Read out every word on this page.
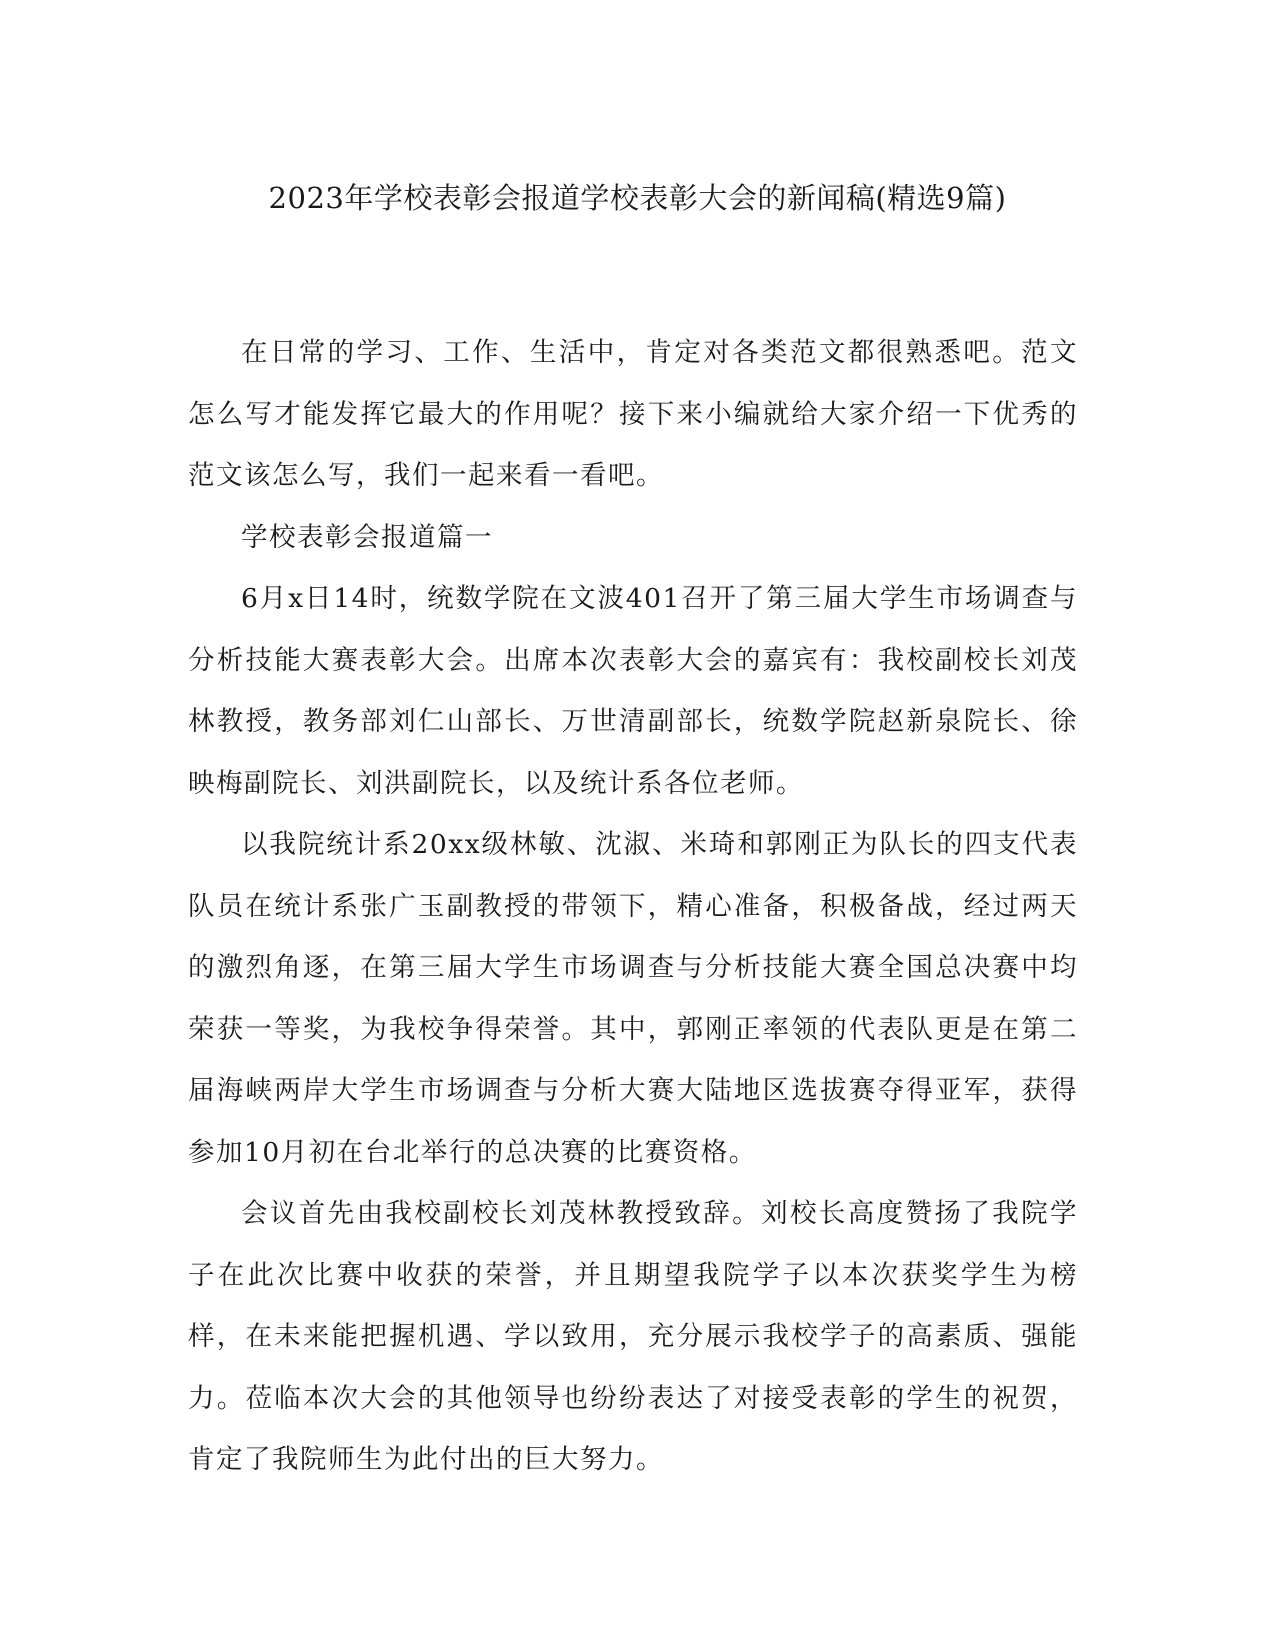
2023年学校表彰会报道学校表彰大会的新闻稿(精选9篇)

在日常的学习、工作、生活中，肯定对各类范文都很熟悉吧。范文怎么写才能发挥它最大的作用呢？接下来小编就给大家介绍一下优秀的范文该怎么写，我们一起来看一看吧。

学校表彰会报道篇一

6月x日14时，统数学院在文波401召开了第三届大学生市场调查与分析技能大赛表彰大会。出席本次表彰大会的嘉宾有：我校副校长刘茂林教授，教务部刘仁山部长、万世清副部长，统数学院赵新泉院长、徐映梅副院长、刘洪副院长，以及统计系各位老师。

以我院统计系20xx级林敏、沈淑、米琦和郭刚正为队长的四支代表队员在统计系张广玉副教授的带领下，精心准备，积极备战，经过两天的激烈角逐，在第三届大学生市场调查与分析技能大赛全国总决赛中均荣获一等奖，为我校争得荣誉。其中，郭刚正率领的代表队更是在第二届海峡两岸大学生市场调查与分析大赛大陆地区选拔赛夺得亚军，获得参加10月初在台北举行的总决赛的比赛资格。

会议首先由我校副校长刘茂林教授致辞。刘校长高度赞扬了我院学子在此次比赛中收获的荣誉，并且期望我院学子以本次获奖学生为榜样，在未来能把握机遇、学以致用，充分展示我校学子的高素质、强能力。莅临本次大会的其他领导也纷纷表达了对接受表彰的学生的祝贺，肯定了我院师生为此付出的巨大努力。
